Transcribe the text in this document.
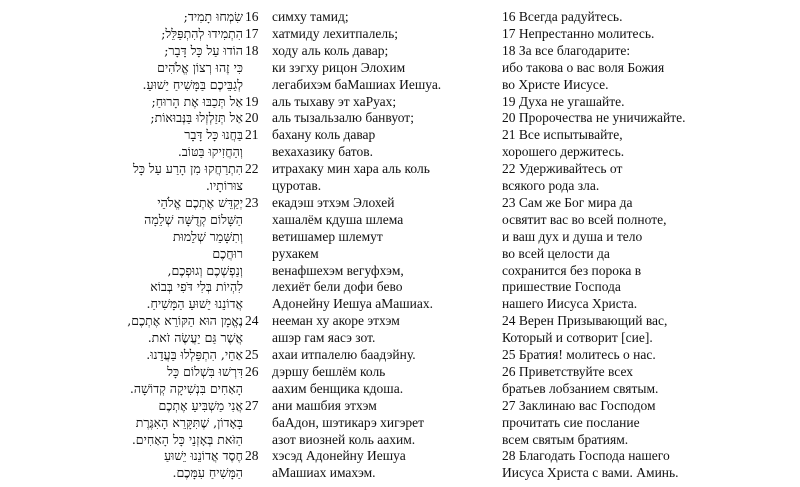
שִׂמְחוּ תָמִיד; 16	симху тамид;	16 Всегда радуйтесь.
הִתְמִידוּ לְהִתְפַּלֵּל; 17	хатмиду лехитпалель;	17 Непрестанно молитесь.
הוֹדוּ עַל כָּל דָּבָר; 18	ходу аль коль давар;	18 За все благодарите:
כִּי זֶהוּ רְצוֹן אֱלֹהִים ки зэгху рицон Элохим	ибо такова о вас воля Божия
לְגַבֵּיכֶם בַּמָּשִׁיחַ יֵשׁוּעַ. легабихэм баМашиах Иешуа.	во Христе Иисусе.
אַל תְּכַבּוּ אֶת הָרוּחַ; 19	аль тыхаву эт хаРуах;	19 Духа не угашайте.
אַל תְּזַלְזְלוּ בַּנְּבוּאוֹת; 20	аль тызальзалю банвуот;	20 Пророчества не уничижайте.
בַּחֲנוּ כָּל דָּבָר 21	бахану коль давар	21 Все испытывайте,
וְהַחֲזִיקוּ בַּטּוֹב. вехахазику батов.	хорошего держитесь.
הִתְרַחֲקוּ מִן הָרַע עַל כָּל 22	итрахаку мин хара аль коль	22 Удерживайтесь от
צוּרוֹתָיו. цуротав.	всякого рода зла.
יְקַדֵּשׁ אֶתְכֶם אֱלֹהֵי 23	екадэш этхэм Элохей	23 Сам же Бог мира да
הַשָּׁלוֹם קְדֻשָּׁה שְׁלֵמָה хашалём кдуша шлема	освятит вас во всей полноте,
וְתִשָּׁמֵר שְׁלֵמוּת ветишамер шлемут	и ваш дух и душа и тело
רוּחֲכֶם рухакем	во всей целости да
וְנַפְשְׁכֶם וְגוּפְכֶם, венафшехэм вегуфхэм,	сохранится без порока в
לִהְיוֹת בְּלִי דֹּפִי בְּבוֹא лехиёт бели дофи бево	пришествие Господа
אֲדוֹנֵנוּ יֵשׁוּעַ הַמָּשִׁיחַ. Адонейну Иешуа аМашиах.	нашего Иисуса Христа.
נֶאֱמָן הוּא הַקּוֹרֵא אֶתְכֶם, 24	нееман ху акоре этхэм	24 Верен Призывающий вас,
אֲשֶׁר גַּם יַעֲשֶׂה זֹאת. ашэр гам яасэ зот.	Который и сотворит [сие].
אַחַי, הִתְפַּלְלוּ בַּעֲדֵנוּ. 25	ахаи итпалелю баадэйну.	25 Братия! молитесь о нас.
דִּרְשׁוּ בִּשְׁלוֹם כָּל 26	дэршу бешлём коль	26 Приветствуйте всех
הָאַחִים בִּנְשִׁיקָה קְדוֹשָׁה. аахим бенщика кдоша.	братьев лобзанием святым.
אֲנִי מַשְׁבִּיעַ אֶתְכֶם 27	ани машбия этхэм	27 Заклинаю вас Господом
בָּאָדוֹן, שֶׁתִּקָּרֵא הָאִגֶּרֶת баАдон, шэтикарэ хигэрет	прочитать сие послание
הַזֹּאת בְּאָזְנֵי כָּל הָאַחִים. азот виозней коль аахим.	всем святым братиям.
חֶסֶד אֲדוֹנֵנוּ יֵשׁוּעַ 28	хэсэд Адонейну Иешуа	28 Благодать Господа нашего
הַמָּשִׁיחַ עִמָּכֶם. аМашиах имахэм.	Иисуса Христа с вами. Аминь.
